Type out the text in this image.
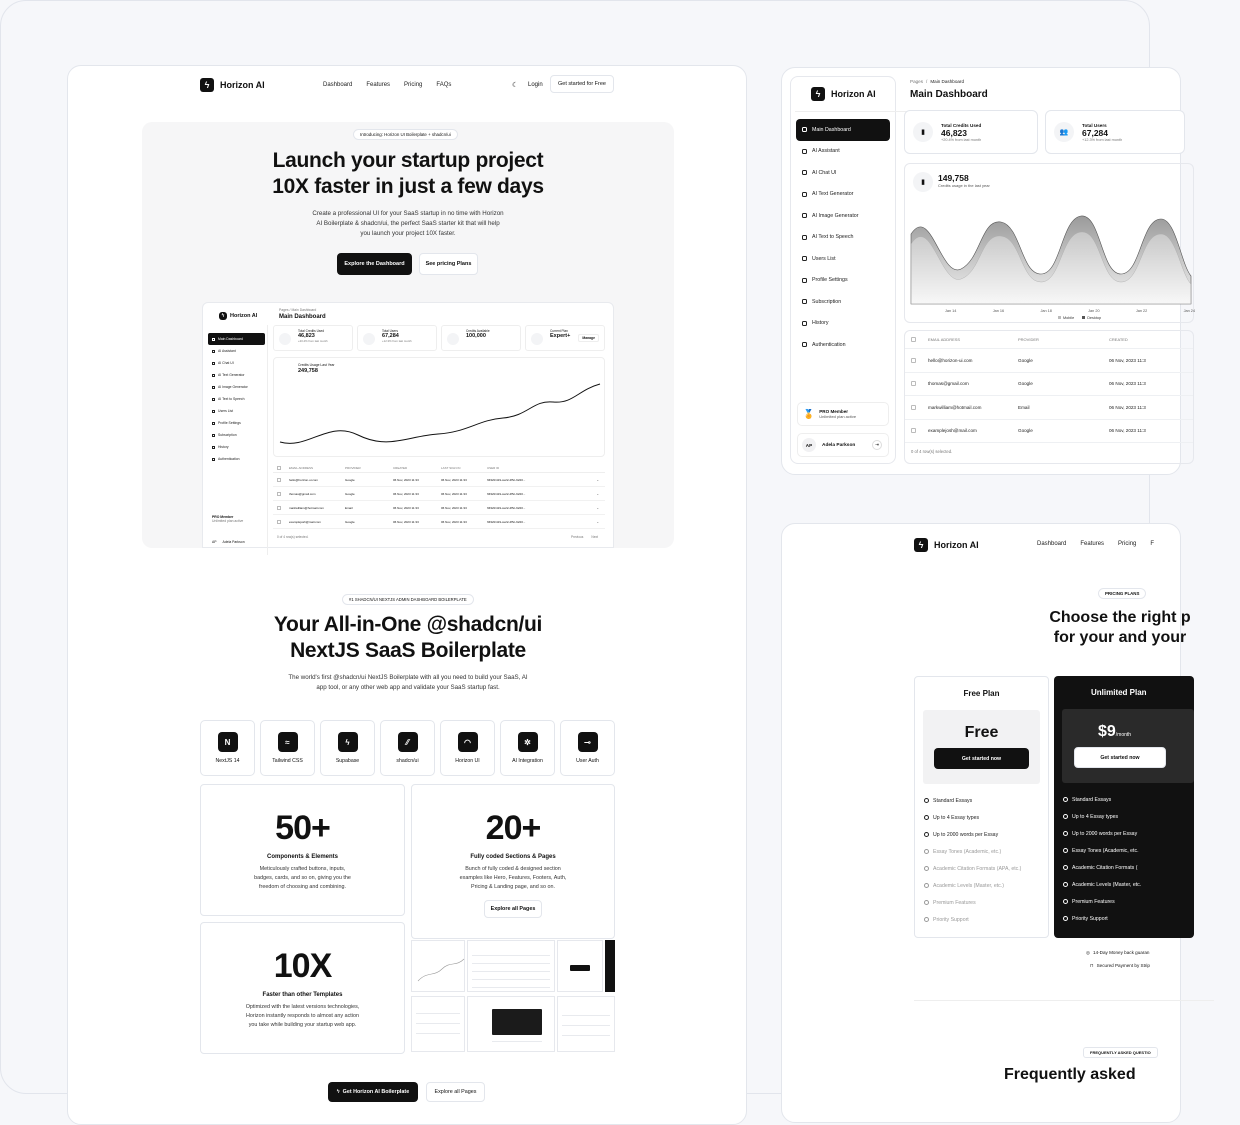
ϟ	Horizon AI	Dashboard Features Pricing FAQs	☾ Login	Get started for Free
Introducing: Horizon UI Boilerplate + shadcn/ui
Launch your startup project
10X faster in just a few days
Create a professional UI for your SaaS startup in no time with Horizon
AI Boilerplate & shadcn/ui, the perfect SaaS starter kit that will help
you launch your project 10X faster.
Explore the Dashboard	See pricing Plans
ϟ	Horizon AI
Main Dashboard
AI Assistant
AI Chat UI
AI Text Generator
AI Image Generator
AI Text to Speech
Users List
Profile Settings
Subscription
History
Authentication
PRO Member
Unlimited plan active
AP Adela Parkson
Pages / Main Dashboard
Main Dashboard
Total Credits Used
46,823
+20.4% from last month
Total Users
67,284
+12.3% from last month
Credits Available
100,000
Current Plan
Expert+	Manage
Credits Usage Last Year
249,758
EMAIL ADDRESS	PROVIDER	CREATED	LAST SIGN IN	USER ID
hello@horizon-ui.com	Google	06 Nov, 2023 11:33	06 Nov, 2023 11:33	f3f42fc419-ce22-4f5c-9220...	⌄
thomas@gmail.com	Google	06 Nov, 2023 11:33	06 Nov, 2023 11:33	f3f42fc419-ce22-4f5c-9220...	⌄
markwilliam@hotmail.com	Email	06 Nov, 2023 11:33	06 Nov, 2023 11:33	f3f42fc419-ce22-4f5c-9220...	⌄
examplejosh@mail.com	Google	06 Nov, 2023 11:33	06 Nov, 2023 11:33	f3f42fc419-ce22-4f5c-9220...	⌄
0 of 4 row(s) selected.	Previous	Next
#1 SHADCN/UI NEXTJS ADMIN DASHBOARD BOILERPLATE
Your All-in-One @shadcn/ui
NextJS SaaS Boilerplate
The world's first @shadcn/ui NextJS Boilerplate with all you need to build your SaaS, AI
app tool, or any other web app and validate your SaaS startup fast.
N
NextJS 14
≈
Tailwind CSS
ϟ
Supabase
⁄⁄
shadcn/ui
◠
Horizon UI
✲
AI Integration
⊸
User Auth
50+
Components & Elements
Meticulously crafted buttons, inputs,
badges, cards, and so on, giving you the
freedom of choosing and combining.
20+
Fully coded Sections & Pages
Bunch of fully coded & designed section
examples like Hero, Features, Footers, Auth,
Pricing & Landing page, and so on.
Explore all Pages
10X
Faster than other Templates
Optimized with the latest versions technologies,
Horizon instantly responds to almost any action
you take while building your startup web app.
ϟ Get Horizon AI Boilerplate	Explore all Pages
ϟ	Horizon AI
Main Dashboard
AI Assistant
AI Chat UI
AI Text Generator
AI Image Generator
AI Text to Speech
Users List
Profile Settings
Subscription
History
Authentication
🏅 PRO Member
Unlimited plan active
AP	Adela Parkson	⇥
Pages / Main Dashboard
Main Dashboard
▮
Total Credits Used
46,823
+20.4% from last month
👥
Total Users
67,284
+12.3% from last month
▮	149,758
Credits usage in the last year
Jan 14	Jan 16	Jan 18	Jan 20	Jan 22	Jan 24
Mobile	Desktop
EMAIL ADDRESS	PROVIDER	CREATED
hello@horizon-ui.com	Google	06 Nov, 2023 11:3
thomas@gmail.com	Google	06 Nov, 2023 11:3
markwilliam@hotmail.com	Email	06 Nov, 2023 11:3
examplejosh@mail.com	Google	06 Nov, 2023 11:3
0 of 4 row(s) selected.
ϟ	Horizon AI	Dashboard Features Pricing F
PRICING PLANS
Choose the right p
for your and your
Free Plan
Free
Get started now
Standard Essays
Up to 4 Essay types
Up to 2000 words per Essay
Essay Tones (Academic, etc.)
Academic Citation Formats (APA, etc.)
Academic Levels (Master, etc.)
Premium Features
Priority Support
Unlimited Plan
$9/month
Get started now
Standard Essays
Up to 4 Essay types
Up to 2000 words per Essay
Essay Tones (Academic, etc.
Academic Citation Formats (
Academic Levels (Master, etc.
Premium Features
Priority Support
◎ 14-Day Money back guaran
⊓ Secured Payment by Strip
FREQUENTLY ASKED QUESTIO
Frequently asked
